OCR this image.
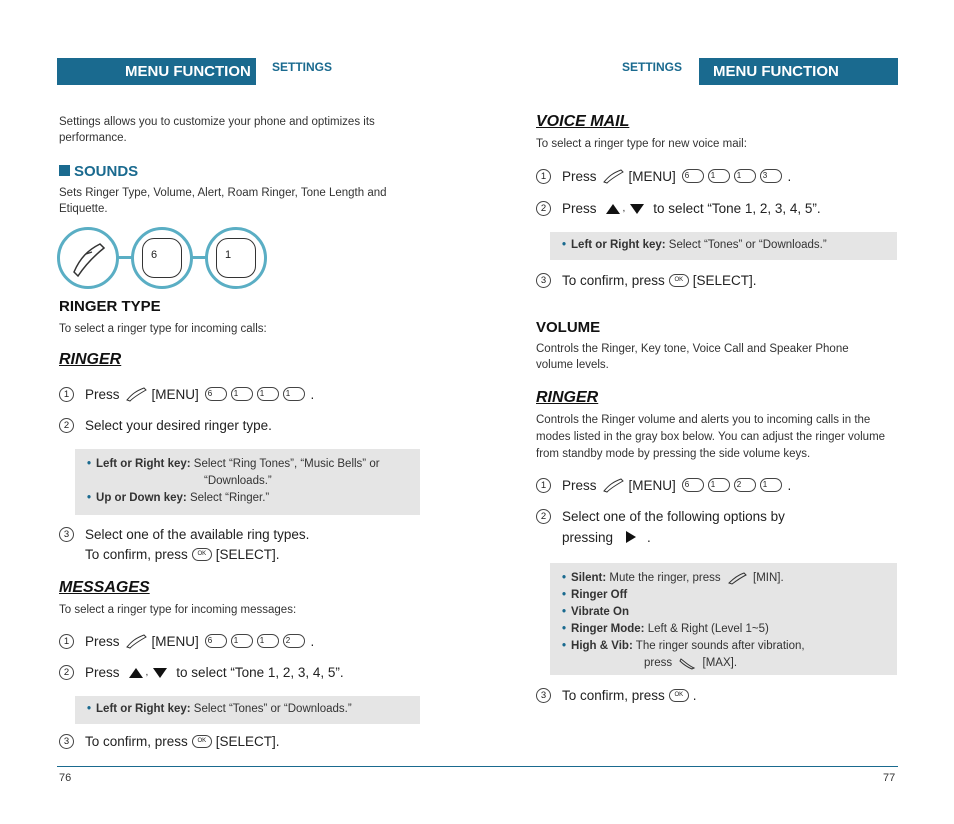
MENU FUNCTION	SETTINGS
Settings allows you to customize your phone and optimizes its performance.
SOUNDS
Sets Ringer Type, Volume, Alert, Roam Ringer, Tone Length and Etiquette.
6	1
RINGER TYPE
To select a ringer type for incoming calls:
RINGER
1	Press [MENU] 6	1	1	1 .
2	Select your desired ringer type.
• Left or Right key: Select “Ring Tones”, “Music Bells” or
“Downloads.”
• Up or Down key: Select “Ringer.”
3	Select one of the available ring types.
To confirm, press	OK [SELECT].
MESSAGES
To select a ringer type for incoming messages:
1	Press [MENU] 6	1	1	2 .
2	Press	, to select “Tone 1, 2, 3, 4, 5”.
• Left or Right key: Select “Tones” or “Downloads.”
3	To confirm, press	OK [SELECT].
76
SETTINGS	MENU FUNCTION
VOICE MAIL
To select a ringer type for new voice mail:
1	Press [MENU] 6	1	1	3 .
2	Press	, to select “Tone 1, 2, 3, 4, 5”.
• Left or Right key: Select “Tones” or “Downloads.”
3	To confirm, press	OK [SELECT].
VOLUME
Controls the Ringer, Key tone, Voice Call and Speaker Phone volume levels.
RINGER
Controls the Ringer volume and alerts you to incoming calls in the modes listed in the gray box below. You can adjust the ringer volume from standby mode by pressing the side volume keys.
1	Press [MENU] 6	1	2	1 .
2	Select one of the following options by
pressing	.
• Silent: Mute the ringer, press	[MIN].
• Ringer Off
• Vibrate On
• Ringer Mode: Left & Right (Level 1~5)
• High & Vib: The ringer sounds after vibration,
press	[MAX].
3	To confirm, press	OK .
77
